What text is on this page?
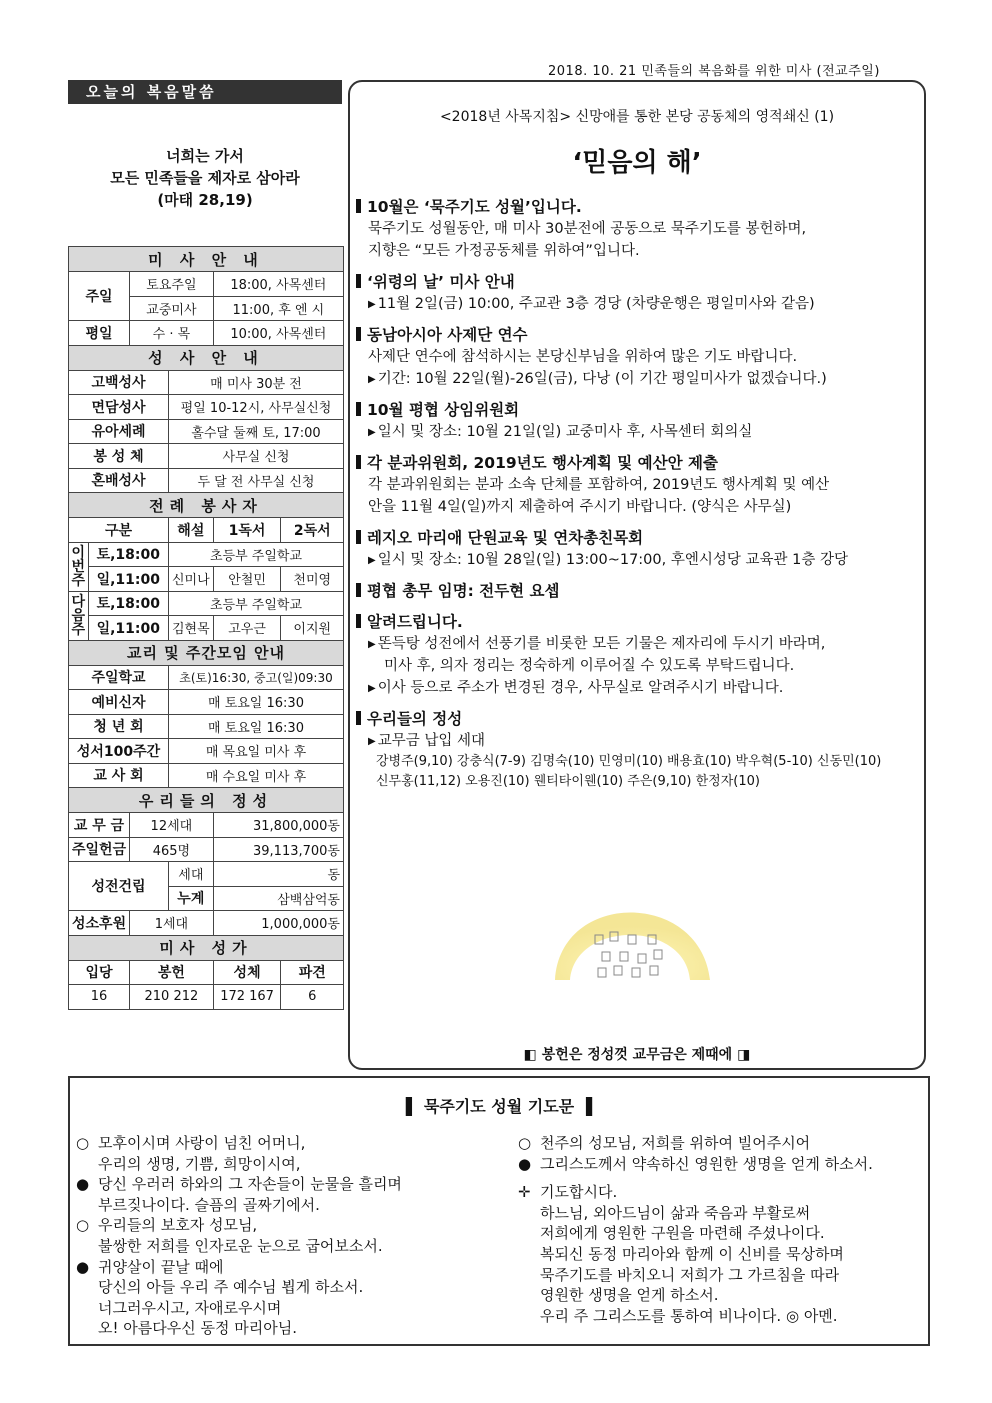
2018. 10. 21 민족들의 복음화를 위한 미사 (전교주일)
오늘의 복음말씀
너희는 가서
모든 민족들을 제자로 삼아라
(마태 28,19)
미 사 안 내					
주일		토요주일		18:00, 사목센터	
		교중미사		11:00, 후 엔 시	
평일		수 · 목		10:00, 사목센터	
성 사 안 내					
고백성사			매 미사 30분 전		
면담성사			평일 10-12시, 사무실신청		
유아세례			홀수달 둘째 토, 17:00		
봉 성 체			사무실 신청		
혼배성사			두 달 전 사무실 신청		
전례 봉사자					
구분			해설	1독서	2독서
이번주	토,18:00		초등부 주일학교		
	일,11:00		신미나	안철민	천미영
다음주	토,18:00		초등부 주일학교		
	일,11:00		김현목	고우근	이지원
교리 및 주간모임 안내					
주일학교			초(토)16:30, 중고(일)09:30		
예비신자			매 토요일 16:30		
청 년 회			매 토요일 16:30		
성서100주간			매 목요일 미사 후		
교 사 회			매 수요일 미사 후		
우리들의 정성					
교 무 금		12세대		31,800,000동	
주일헌금		465명		39,113,700동	
성전건립			세대	동	
			누계	삼백삼억동	
성소후원		1세대		1,000,000동	
미사 성가					
입당		봉헌		성체	파견
16		210 212		172 167	6
<2018년 사목지침> 신망애를 통한 본당 공동체의 영적쇄신 (1)
‘믿음의 해’
10월은 ‘묵주기도 성월’입니다.
묵주기도 성월동안, 매 미사 30분전에 공동으로 묵주기도를 봉헌하며,
지향은 “모든 가정공동체를 위하여”입니다.
‘위령의 날’ 미사 안내
▶ 11월 2일(금) 10:00, 주교관 3층 경당 (차량운행은 평일미사와 같음)
동남아시아 사제단 연수
사제단 연수에 참석하시는 본당신부님을 위하여 많은 기도 바랍니다.
▶ 기간: 10월 22일(월)-26일(금), 다낭 (이 기간 평일미사가 없겠습니다.)
10월 평협 상임위원회
▶ 일시 및 장소: 10월 21일(일) 교중미사 후, 사목센터 회의실
각 분과위원회, 2019년도 행사계획 및 예산안 제출
각 분과위원회는 분과 소속 단체를 포함하여, 2019년도 행사계획 및 예산
안을 11월 4일(일)까지 제출하여 주시기 바랍니다. (양식은 사무실)
레지오 마리애 단원교육 및 연차총친목회
▶ 일시 및 장소: 10월 28일(일) 13:00~17:00, 후엔시성당 교육관 1층 강당
평협 총무 임명: 전두현 요셉
알려드립니다.
▶ 똔득탕 성전에서 선풍기를 비롯한 모든 기물은 제자리에 두시기 바라며,
미사 후, 의자 정리는 정숙하게 이루어질 수 있도록 부탁드립니다.
▶ 이사 등으로 주소가 변경된 경우, 사무실로 알려주시기 바랍니다.
우리들의 정성
▶ 교무금 납입 세대
강병주(9,10) 강충식(7-9) 김명숙(10) 민영미(10) 배용효(10) 박우혁(5-10) 신동민(10)
신무홍(11,12) 오용진(10) 웬티타이웬(10) 주은(9,10) 한정자(10)
◧ 봉헌은 정성껏 교무금은 제때에 ◨
▌ 묵주기도 성월 기도문 ▐
○ 모후이시며 사랑이 넘친 어머니,
우리의 생명, 기쁨, 희망이시여,
● 당신 우러러 하와의 그 자손들이 눈물을 흘리며
부르짖나이다. 슬픔의 골짜기에서.
○ 우리들의 보호자 성모님,
불쌍한 저희를 인자로운 눈으로 굽어보소서.
● 귀양살이 끝날 때에
당신의 아들 우리 주 예수님 뵙게 하소서.
너그러우시고, 자애로우시며
오! 아름다우신 동정 마리아님.
○ 천주의 성모님, 저희를 위하여 빌어주시어
● 그리스도께서 약속하신 영원한 생명을 얻게 하소서.
✛ 기도합시다.
하느님, 외아드님이 삶과 죽음과 부활로써
저희에게 영원한 구원을 마련해 주셨나이다.
복되신 동정 마리아와 함께 이 신비를 묵상하며
묵주기도를 바치오니 저희가 그 가르침을 따라
영원한 생명을 얻게 하소서.
우리 주 그리스도를 통하여 비나이다. ◎ 아멘.
